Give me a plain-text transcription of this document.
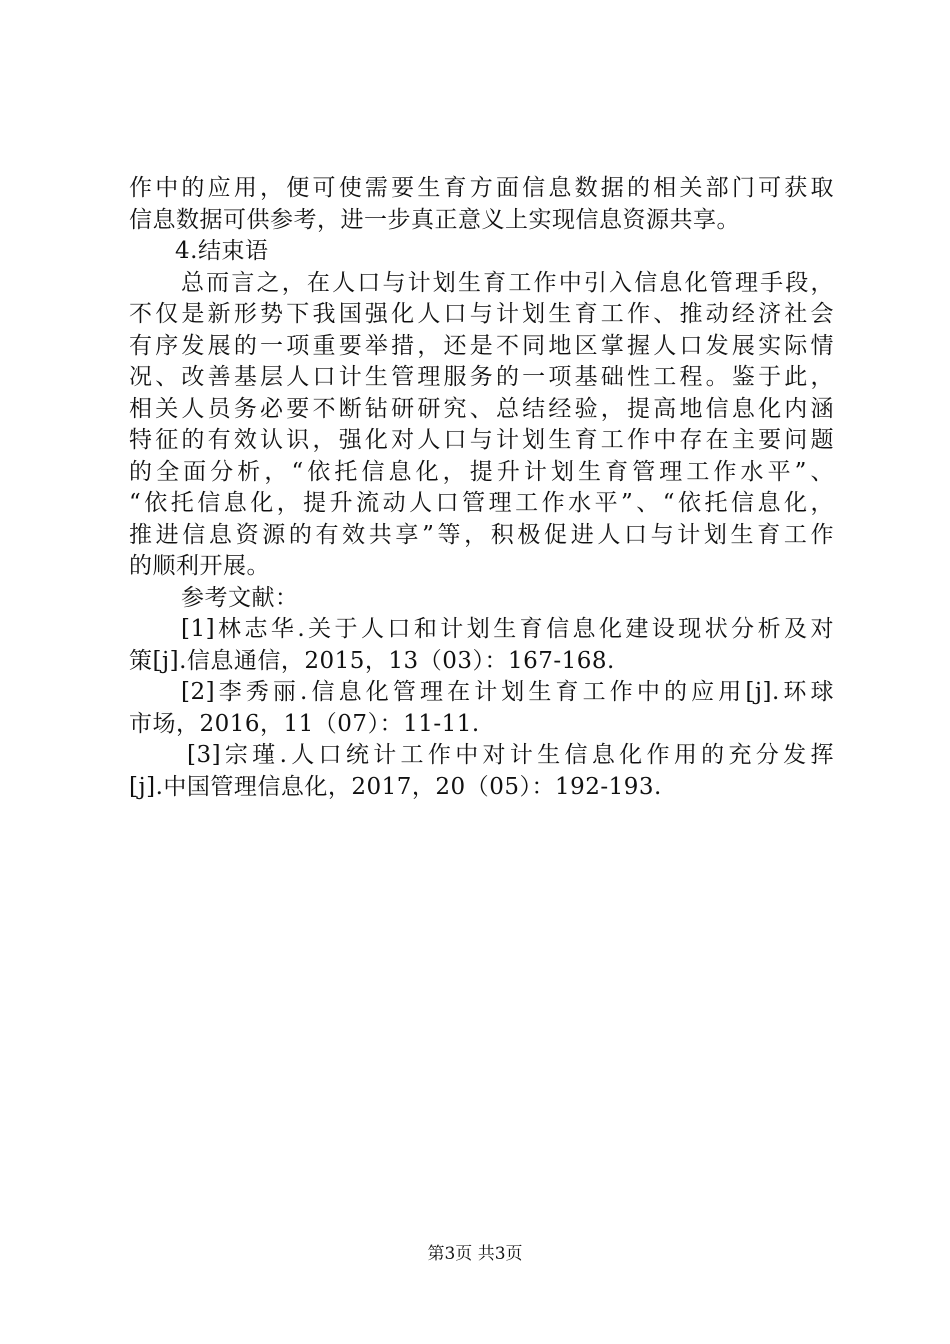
作中的应用，便可使需要生育方面信息数据的相关部门可获取
信息数据可供参考，进一步真正意义上实现信息资源共享。
4.结束语
总而言之，在人口与计划生育工作中引入信息化管理手段，
不仅是新形势下我国强化人口与计划生育工作、推动经济社会
有序发展的一项重要举措，还是不同地区掌握人口发展实际情
况、改善基层人口计生管理服务的一项基础性工程。鉴于此，
相关人员务必要不断钻研研究、总结经验，提高地信息化内涵
特征的有效认识，强化对人口与计划生育工作中存在主要问题
的全面分析，“依托信息化，提升计划生育管理工作水平”、
“依托信息化，提升流动人口管理工作水平”、“依托信息化，
推进信息资源的有效共享”等，积极促进人口与计划生育工作
的顺利开展。
参考文献：
[1]林志华.关于人口和计划生育信息化建设现状分析及对
策[j].信息通信，2015，13（03）：167-168.
[2]李秀丽.信息化管理在计划生育工作中的应用[j].环球
市场，2016，11（07）：11-11.
[3]宗瑾.人口统计工作中对计生信息化作用的充分发挥
[j].中国管理信息化，2017，20（05）：192-193.
第3页 共3页
